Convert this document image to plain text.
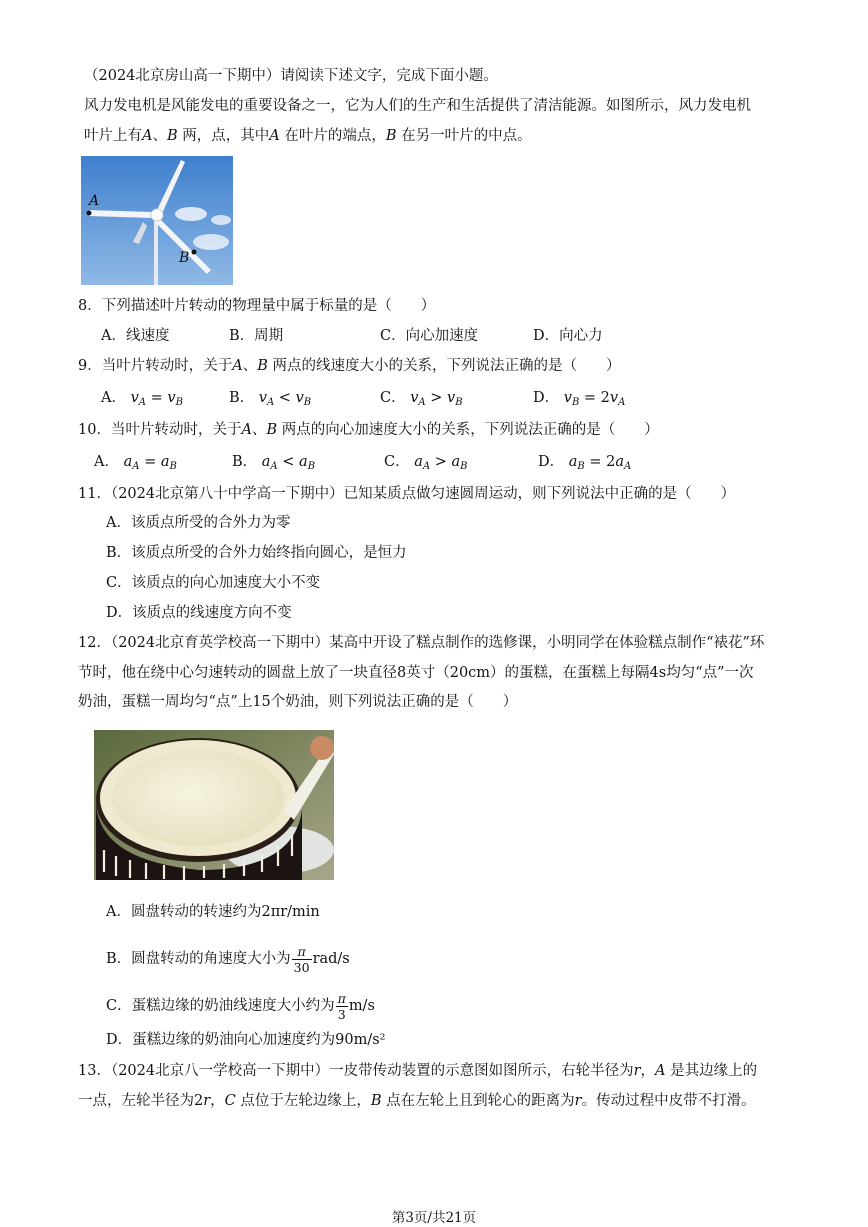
（2024北京房山高一下期中）请阅读下述文字，完成下面小题。
风力发电机是风能发电的重要设备之一，它为人们的生产和生活提供了清洁能源。如图所示，风力发电机
叶片上有A、B 两，点，其中A 在叶片的端点，B 在另一叶片的中点。
A
B
8．下列描述叶片转动的物理量中属于标量的是（　　）
A．线速度	B．周期	C．向心加速度	D．向心力
9．当叶片转动时，关于A、B 两点的线速度大小的关系，下列说法正确的是（　　）
A． $v_A = v_B$	B． $v_A < v_B$	C． $v_A > v_B$	D． $v_B = 2v_A$
10．当叶片转动时，关于A、B 两点的向心加速度大小的关系，下列说法正确的是（　　）
A． $a_A = a_B$	B． $a_A < a_B$	C． $a_A > a_B$	D． $a_B = 2a_A$
11．（2024北京第八十中学高一下期中）已知某质点做匀速圆周运动，则下列说法中正确的是（　　）
A．该质点所受的合外力为零
B．该质点所受的合外力始终指向圆心，是恒力
C．该质点的向心加速度大小不变
D．该质点的线速度方向不变
12．（2024北京育英学校高一下期中）某高中开设了糕点制作的选修课，小明同学在体验糕点制作“裱花”环
节时，他在绕中心匀速转动的圆盘上放了一块直径8英寸（20cm）的蛋糕，在蛋糕上每隔4s均匀“点”一次
奶油，蛋糕一周均匀“点”上15个奶油，则下列说法正确的是（　　）
A．圆盘转动的转速约为2πr/min
B．圆盘转动的角速度大小为 $\frac{\pi}{30} rad/s$
C．蛋糕边缘的奶油线速度大小约为 $\frac{\pi}{3} m/s$
D．蛋糕边缘的奶油向心加速度约为90m/s²
13．（2024北京八一学校高一下期中）一皮带传动装置的示意图如图所示，右轮半径为r，A 是其边缘上的
一点，左轮半径为2r，C 点位于左轮边缘上，B 点在左轮上且到轮心的距离为r。传动过程中皮带不打滑。
第3页/共21页
